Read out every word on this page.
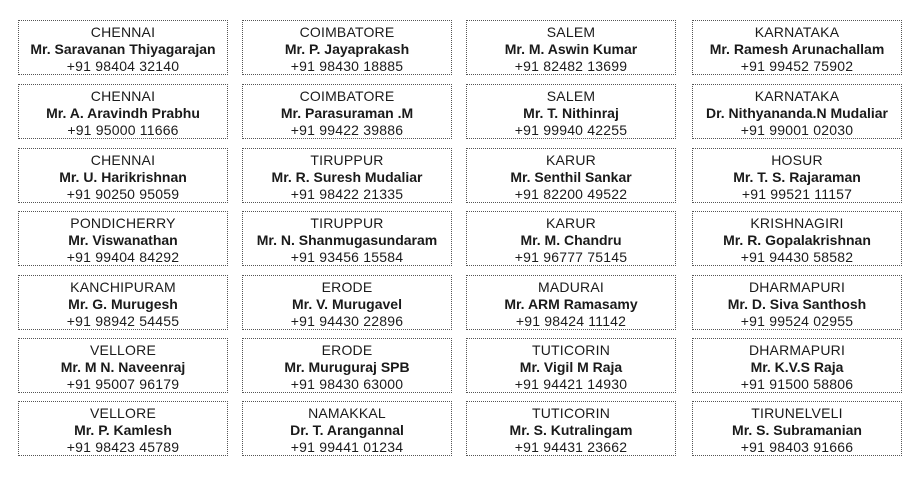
CHENNAI
Mr. Saravanan Thiyagarajan
+91 98404 32140
COIMBATORE
Mr. P. Jayaprakash
+91 98430 18885
SALEM
Mr. M. Aswin Kumar
+91 82482 13699
KARNATAKA
Mr. Ramesh Arunachallam
+91 99452 75902
CHENNAI
Mr. A. Aravindh Prabhu
+91 95000 11666
COIMBATORE
Mr. Parasuraman .M
+91 99422 39886
SALEM
Mr. T. Nithinraj
+91 99940 42255
KARNATAKA
Dr. Nithyananda.N Mudaliar
+91 99001 02030
CHENNAI
Mr. U. Harikrishnan
+91 90250 95059
TIRUPPUR
Mr. R. Suresh Mudaliar
+91 98422 21335
KARUR
Mr. Senthil Sankar
+91 82200 49522
HOSUR
Mr. T. S. Rajaraman
+91 99521 11157
PONDICHERRY
Mr. Viswanathan
+91 99404 84292
TIRUPPUR
Mr. N. Shanmugasundaram
+91 93456 15584
KARUR
Mr. M. Chandru
+91 96777 75145
KRISHNAGIRI
Mr. R. Gopalakrishnan
+91 94430 58582
KANCHIPURAM
Mr. G. Murugesh
+91 98942 54455
ERODE
Mr. V. Murugavel
+91 94430 22896
MADURAI
Mr. ARM Ramasamy
+91 98424 11142
DHARMAPURI
Mr. D. Siva Santhosh
+91 99524 02955
VELLORE
Mr. M N. Naveenraj
+91 95007 96179
ERODE
Mr. Muruguraj SPB
+91 98430 63000
TUTICORIN
Mr. Vigil M Raja
+91 94421 14930
DHARMAPURI
Mr. K.V.S Raja
+91 91500 58806
VELLORE
Mr. P. Kamlesh
+91 98423 45789
NAMAKKAL
Dr. T. Arangannal
+91 99441 01234
TUTICORIN
Mr. S. Kutralingam
+91 94431 23662
TIRUNELVELI
Mr. S. Subramanian
+91 98403 91666
